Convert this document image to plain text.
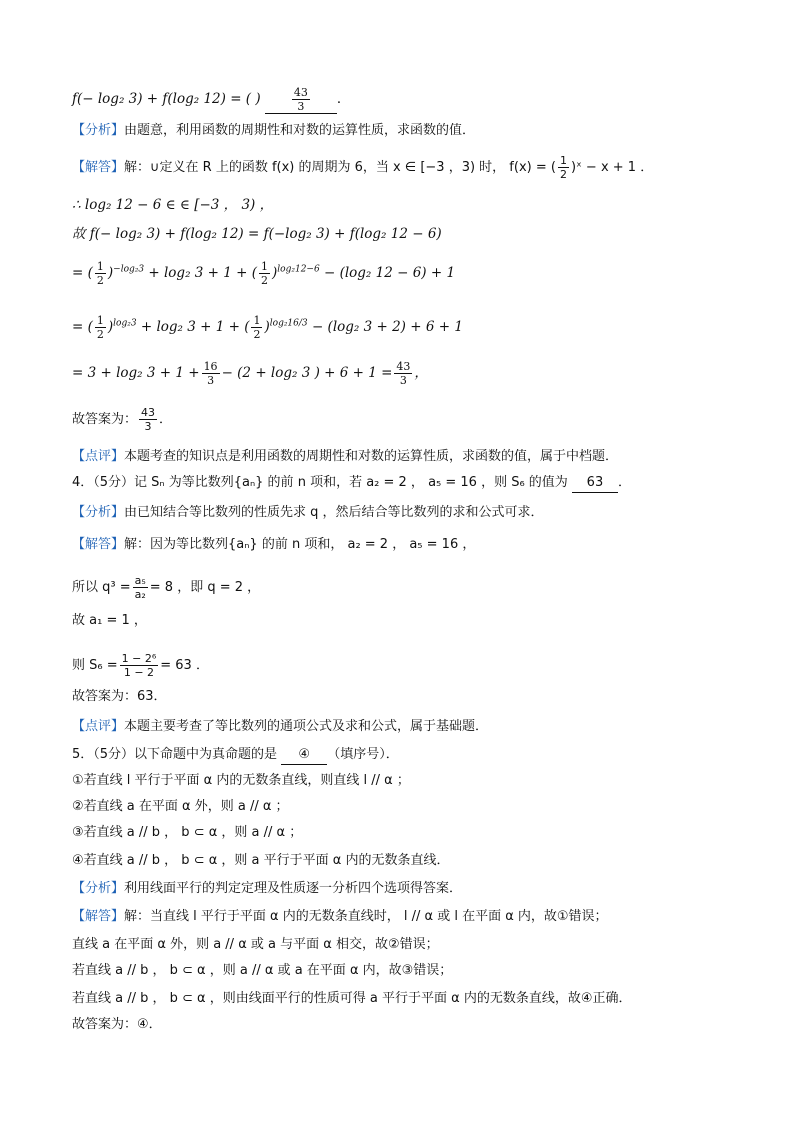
f(− log₂ 3) + f(log₂ 12) = ( )	$\frac{43}{3}$ ．
【分析】由题意，利用函数的周期性和对数的运算性质，求函数的值．
【解答】解：∪定义在 R 上的函数 f(x) 的周期为 6，当 x ∈ [−3 ，3) 时， f(x) = ( $\frac{1}{2}$ )ˣ − x + 1 ．
∴ log₂ 12 − 6 ∈ ∈ [−3 ， 3) ，
故 f(− log₂ 3) + f(log₂ 12) = f(−log₂ 3) + f(log₂ 12 − 6)
= ( $\frac{1}{2} )^{-log_23} + \log_2$ 3 + 1 + ( $\frac{1}{2} )^{log_212-6} - (\log_2$ 12 − 6) + 1
= ( $\frac{1}{2} )^{log_23} + \log_2$ 3 + 1 + ( $\frac{1}{2} )^{log_216/3} - (\log_2$ 3 + 2) + 6 + 1
= 3 + log₂ $3 + 1 + \frac{16}{3} - (2 + \log_2$ 3 ) + $6 + 1 = \frac{43}{3}$ ，
故答案为： $\frac{43}{3}$ ．
【点评】本题考查的知识点是利用函数的周期性和对数的运算性质，求函数的值，属于中档题．
4．（5分）记 Sₙ 为等比数列{aₙ} 的前 n 项和，若 a₂ = 2 ， a₅ = 16 ，则 S₆ 的值为 63 ．
【分析】由已知结合等比数列的性质先求 q ，然后结合等比数列的求和公式可求．
【解答】解：因为等比数列{aₙ} 的前 n 项和， a₂ = 2 ， a₅ = 16 ，
所以 $q^3 = \frac{\text{a₅}}{\text{a₂}} = 8$ ，即 q = 2 ，
故 a₁ = 1 ，
则 $S_6 = \frac{\text{1 − 2⁶}}{1 - 2} = 63$ ．
故答案为：63．
【点评】本题主要考查了等比数列的通项公式及求和公式，属于基础题．
5．（5分）以下命题中为真命题的是 ④ （填序号）．
①若直线 l 平行于平面 α 内的无数条直线，则直线 l // α ；
②若直线 a 在平面 α 外，则 a // α ；
③若直线 a // b ， b ⊂ α ，则 a // α ；
④若直线 a // b ， b ⊂ α ，则 a 平行于平面 α 内的无数条直线．
【分析】利用线面平行的判定定理及性质逐一分析四个选项得答案．
【解答】解：当直线 l 平行于平面 α 内的无数条直线时， l // α 或 l 在平面 α 内，故①错误；
直线 a 在平面 α 外，则 a // α 或 a 与平面 α 相交，故②错误；
若直线 a // b ， b ⊂ α ，则 a // α 或 a 在平面 α 内，故③错误；
若直线 a // b ， b ⊂ α ，则由线面平行的性质可得 a 平行于平面 α 内的无数条直线，故④正确．
故答案为：④．
